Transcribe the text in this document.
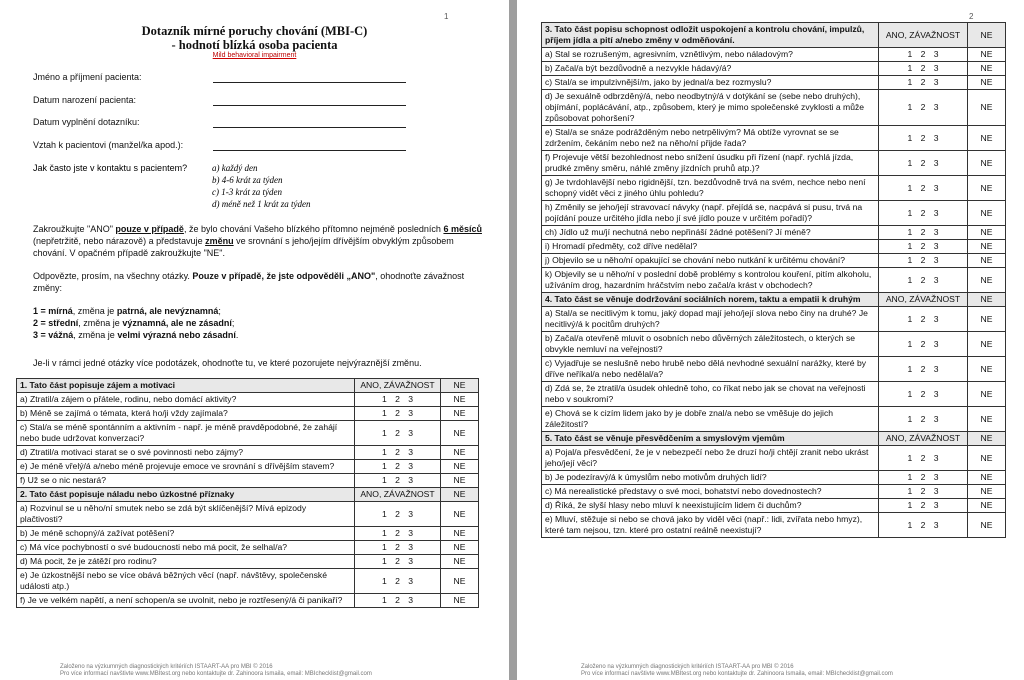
1
Dotazník mírné poruchy chování (MBI-C)
- hodnotí blízká osoba pacienta
Mild behavioral impairment
Jméno a příjmení pacienta:
Datum narození pacienta:
Datum vyplnění dotazníku:
Vztah k pacientovi (manžel/ka apod.):
Jak často jste v kontaktu s pacientem?	a) každý den
b) 4-6 krát za týden
c) 1-3 krát za týden
d) méně než 1 krát za týden
Zakroužkujte "ANO" pouze v případě, že bylo chování Vašeho blízkého přítomno nejméně posledních 6 měsíců (nepřetržitě, nebo nárazově) a představuje změnu ve srovnání s jeho/jejím dřívějším obvyklým způsobem chování. V opačném případě zakroužkujte "NE".
Odpovězte, prosím, na všechny otázky. Pouze v případě, že jste odpověděli „ANO", ohodnoťte závažnost změny:
1 = mírná, změna je patrná, ale nevýznamná;
2 = střední, změna je významná, ale ne zásadní;
3 = vážná, změna je velmi výrazná nebo zásadní.
Je-li v rámci jedné otázky více podotázek, ohodnoťte tu, ve které pozorujete nejvýraznější změnu.
1. Tato část popisuje zájem a motivaci	ANO, ZÁVAŽNOST	NE
a) Ztratil/a zájem o přátele, rodinu, nebo domácí aktivity?	1 2 3	NE
b) Méně se zajímá o témata, která ho/ji vždy zajímala?	1 2 3	NE
c) Stal/a se méně spontánním a aktivním - např. je méně pravděpodobné, že zahájí nebo bude udržovat konverzaci?	1 2 3	NE
d) Ztratil/a motivaci starat se o své povinnosti nebo zájmy?	1 2 3	NE
e) Je méně vřelý/á a/nebo méně projevuje emoce ve srovnání s dřívějším stavem?	1 2 3	NE
f) Už se o nic nestará?	1 2 3	NE
2. Tato část popisuje náladu nebo úzkostné příznaky	ANO, ZÁVAŽNOST	NE
a) Rozvinul se u něho/ní smutek nebo se zdá být sklíčenější? Mívá epizody plačtivosti?	1 2 3	NE
b) Je méně schopný/á zažívat potěšení?	1 2 3	NE
c) Má více pochybností o své budoucnosti nebo má pocit, že selhal/a?	1 2 3	NE
d) Má pocit, že je zátěží pro rodinu?	1 2 3	NE
e) Je úzkostnější nebo se více obává běžných věcí (např. návštěvy, společenské události atp.)	1 2 3	NE
f) Je ve velkém napětí, a není schopen/a se uvolnit, nebo je roztřesený/á či panikaří?	1 2 3	NE
Založeno na výzkumných diagnostických kritériích ISTAART-AA pro MBI © 2016
Pro více informací navštivte www.MBItest.org nebo kontaktujte dr. Zahinoora Ismaila, email: MBIchecklist@gmail.com
2
3. Tato část popisu schopnost odložit uspokojení a kontrolu chování, impulzů, příjem jídla a pití a/nebo změny v odměňování.	ANO, ZÁVAŽNOST	NE
a) Stal se rozrušeným, agresivním, vznětlivým, nebo náladovým?	1 2 3	NE
b) Začal/a být bezdůvodně a nezvykle hádavý/á?	1 2 3	NE
c) Stal/a se impulzivnější/m, jako by jednal/a bez rozmyslu?	1 2 3	NE
d) Je sexuálně odbrzděný/á, nebo neodbytný/á v dotýkání se (sebe nebo druhých), objímání, poplácávání, atp., způsobem, který je mimo společenské zvyklosti a může způsobovat pohoršení?	1 2 3	NE
e) Stal/a se snáze podrážděným nebo netrpělivým? Má obtíže vyrovnat se se zdržením, čekáním nebo než na něho/ní přijde řada?	1 2 3	NE
f) Projevuje větší bezohlednost nebo snížení úsudku při řízení (např. rychlá jízda, prudké změny směru, náhlé změny jízdních pruhů atp.)?	1 2 3	NE
g) Je tvrdohlavější nebo rigidnější, tzn. bezdůvodně trvá na svém, nechce nebo není schopný vidět věci z jiného úhlu pohledu?	1 2 3	NE
h) Změnily se jeho/její stravovací návyky (např. přejídá se, nacpává si pusu, trvá na pojídání pouze určitého jídla nebo jí své jídlo pouze v určitém pořadí)?	1 2 3	NE
ch) Jídlo už mu/jí nechutná nebo nepřináší žádné potěšení? Jí méně?	1 2 3	NE
i) Hromadí předměty, což dříve nedělal?	1 2 3	NE
j) Objevilo se u něho/ní opakující se chování nebo nutkání k určitému chování?	1 2 3	NE
k) Objevily se u něho/ní v poslední době problémy s kontrolou kouření, pitím alkoholu, užíváním drog, hazardním hráčstvím nebo začal/a krást v obchodech?	1 2 3	NE
4. Tato část se věnuje dodržování sociálních norem, taktu a empatii k druhým	ANO, ZÁVAŽNOST	NE
a) Stal/a se necitlivým k tomu, jaký dopad mají jeho/její slova nebo činy na druhé? Je necitlivý/á k pocitům druhých?	1 2 3	NE
b) Začal/a otevřeně mluvit o osobních nebo důvěrných záležitostech, o kterých se obvykle nemluví na veřejnosti?	1 2 3	NE
c) Vyjadřuje se neslušně nebo hrubě nebo dělá nevhodné sexuální narážky, které by dříve neříkal/a nebo nedělal/a?	1 2 3	NE
d) Zdá se, že ztratil/a úsudek ohledně toho, co říkat nebo jak se chovat na veřejnosti nebo v soukromí?	1 2 3	NE
e) Chová se k cizím lidem jako by je dobře znal/a nebo se vměšuje do jejich záležitostí?	1 2 3	NE
5. Tato část se věnuje přesvědčením a smyslovým vjemům	ANO, ZÁVAŽNOST	NE
a) Pojal/a přesvědčení, že je v nebezpečí nebo že druzí ho/ji chtějí zranit nebo ukrást jeho/její věci?	1 2 3	NE
b) Je podezíravý/á k úmyslům nebo motivům druhých lidí?	1 2 3	NE
c) Má nerealistické představy o své moci, bohatství nebo dovednostech?	1 2 3	NE
d) Říká, že slyší hlasy nebo mluví k neexistujícím lidem či duchům?	1 2 3	NE
e) Mluví, stěžuje si nebo se chová jako by viděl věci (např.: lidi, zvířata nebo hmyz), které tam nejsou, tzn. které pro ostatní reálně neexistují?	1 2 3	NE
Založeno na výzkumných diagnostických kritériích ISTAART-AA pro MBI © 2016
Pro více informací navštivte www.MBItest.org nebo kontaktujte dr. Zahinoora Ismaila, email: MBIchecklist@gmail.com
